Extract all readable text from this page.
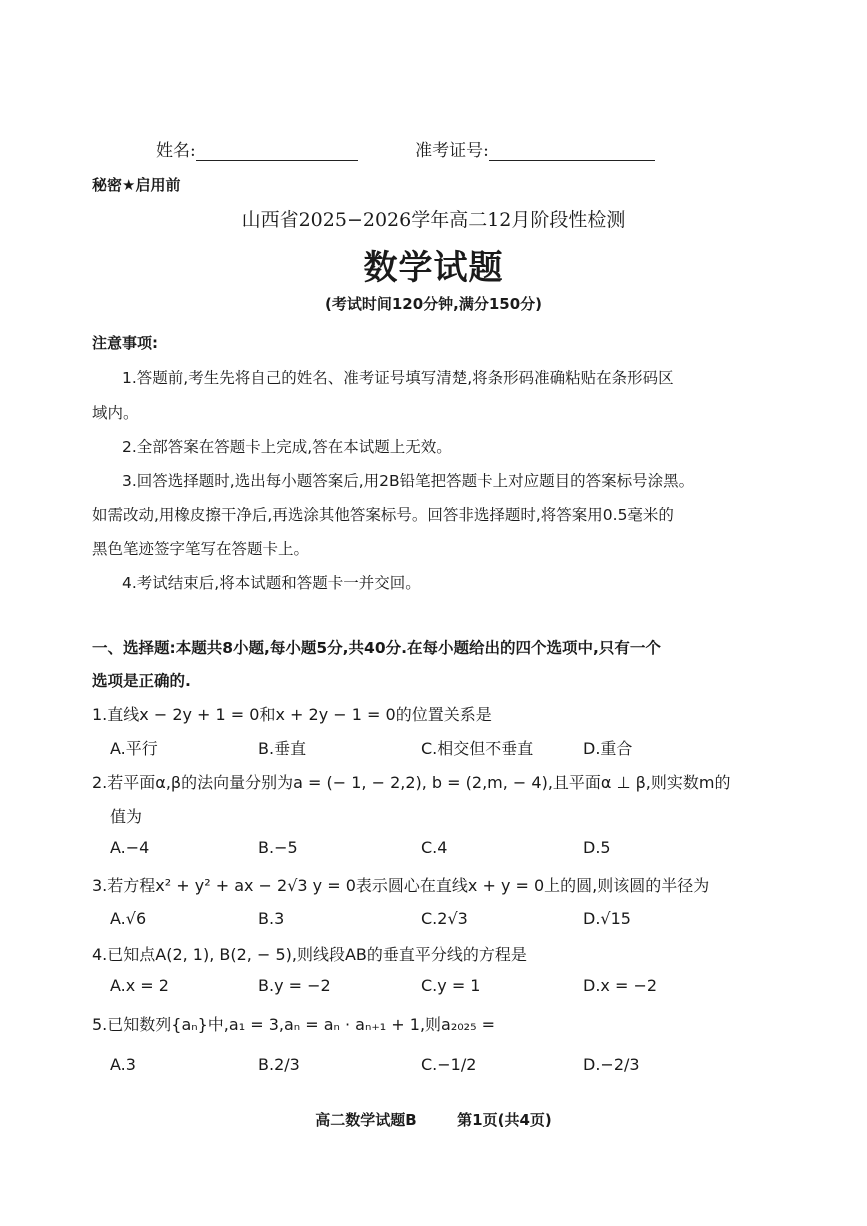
姓名:	准考证号:
秘密★启用前
山西省2025−2026学年高二12月阶段性检测
数学试题
(考试时间120分钟,满分150分)
注意事项:
1.答题前,考生先将自己的姓名、准考证号填写清楚,将条形码准确粘贴在条形码区
域内。
2.全部答案在答题卡上完成,答在本试题上无效。
3.回答选择题时,选出每小题答案后,用2B铅笔把答题卡上对应题目的答案标号涂黑。
如需改动,用橡皮擦干净后,再选涂其他答案标号。回答非选择题时,将答案用0.5毫米的
黑色笔迹签字笔写在答题卡上。
4.考试结束后,将本试题和答题卡一并交回。
一、选择题:本题共8小题,每小题5分,共40分.在每小题给出的四个选项中,只有一个
选项是正确的.
1.直线x − 2y + 1 = 0和x + 2y − 1 = 0的位置关系是
A.平行	B.垂直	C.相交但不垂直	D.重合
2.若平面α,β的法向量分别为a = (− 1, − 2,2), b = (2,m, − 4),且平面α ⊥ β,则实数m的
值为
A.−4	B.−5	C.4	D.5
3.若方程x² + y² + ax − 2√3 y = 0表示圆心在直线x + y = 0上的圆,则该圆的半径为
A.√6	B.3	C.2√3	D.√15
4.已知点A(2, 1), B(2, − 5),则线段AB的垂直平分线的方程是
A.x = 2	B.y = −2	C.y = 1	D.x = −2
5.已知数列{aₙ}中,a₁ = 3,aₙ = aₙ · aₙ₊₁ + 1,则a₂₀₂₅ =
A.3	B.2/3	C.−1/2	D.−2/3
高二数学试题B	第1页(共4页)
